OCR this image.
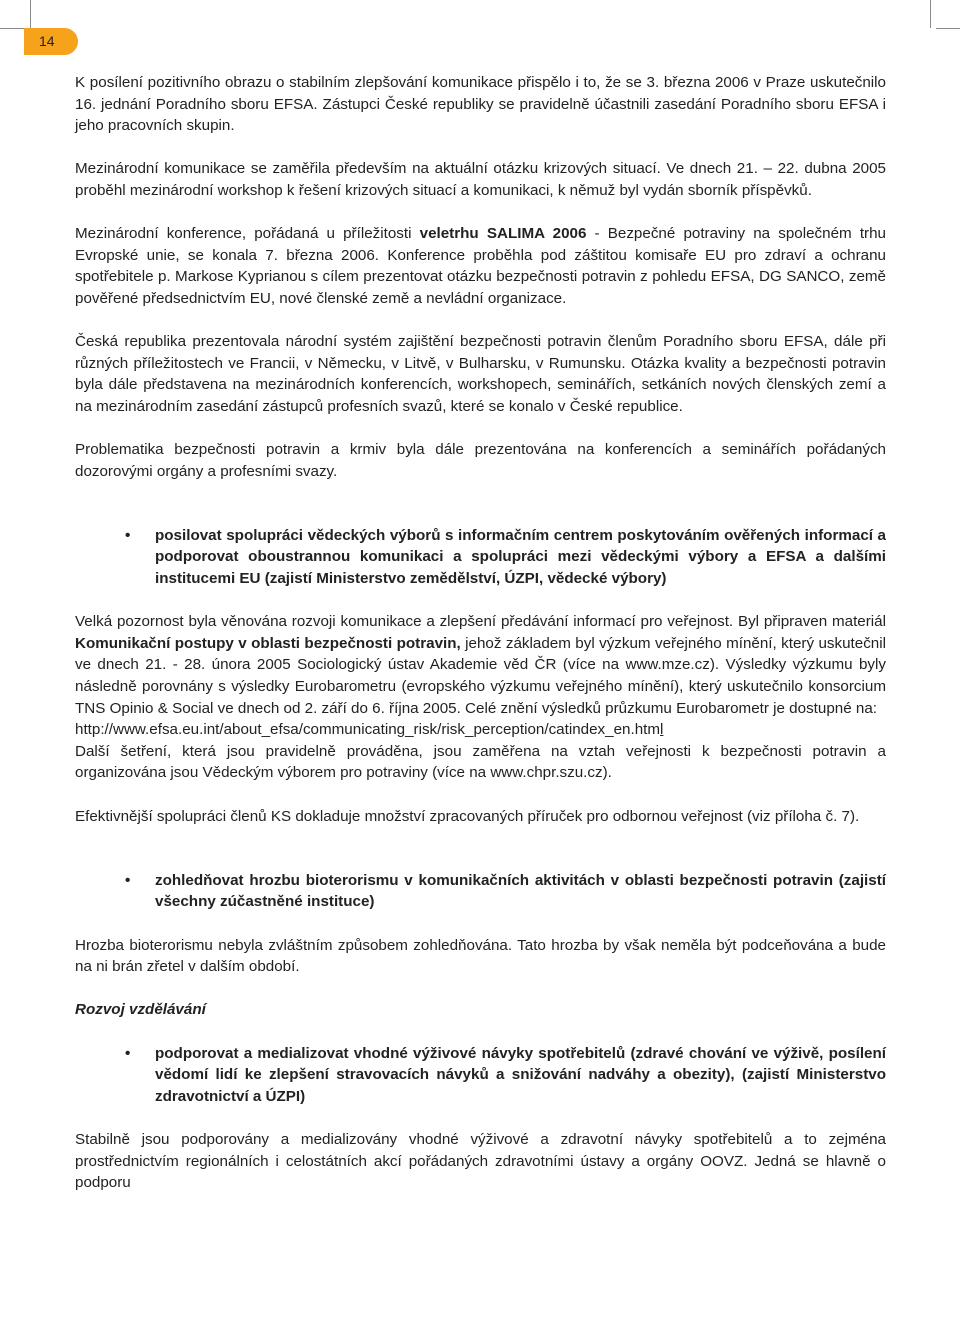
14

K posílení pozitivního obrazu o stabilním zlepšování komunikace přispělo i to, že se 3. března 2006 v Praze uskutečnilo 16. jednání Poradního sboru EFSA. Zástupci České republiky se pravidelně účastnili zasedání Poradního sboru EFSA i jeho pracovních skupin.

Mezinárodní komunikace se zaměřila především na aktuální otázku krizových situací. Ve dnech 21. – 22. dubna 2005 proběhl mezinárodní workshop k řešení krizových situací a komunikaci, k němuž byl vydán sborník příspěvků.

Mezinárodní konference, pořádaná u příležitosti veletrhu SALIMA 2006 - Bezpečné potraviny na společném trhu Evropské unie, se konala 7. března 2006. Konference proběhla pod záštitou komisaře EU pro zdraví a ochranu spotřebitele p. Markose Kyprianou s cílem prezentovat otázku bezpečnosti potravin z pohledu EFSA, DG SANCO, země pověřené předsednictvím EU, nové členské země a nevládní organizace.

Česká republika prezentovala národní systém zajištění bezpečnosti potravin členům Poradního sboru EFSA, dále při různých příležitostech ve Francii, v Německu, v Litvě, v Bulharsku, v Rumunsku. Otázka kvality a bezpečnosti potravin byla dále představena na mezinárodních konferencích, workshopech, seminářích, setkáních nových členských zemí a na mezinárodním zasedání zástupců profesních svazů, které se konalo v České republice.

Problematika bezpečnosti potravin a krmiv byla dále prezentována na konferencích a seminářích pořádaných dozorovými orgány a profesními svazy.

• posilovat spolupráci vědeckých výborů s informačním centrem poskytováním ověřených informací a podporovat oboustrannou komunikaci a spolupráci mezi vědeckými výbory a EFSA a dalšími institucemi EU (zajistí Ministerstvo zemědělství, ÚZPI, vědecké výbory)

Velká pozornost byla věnována rozvoji komunikace a zlepšení předávání informací pro veřejnost. Byl připraven materiál Komunikační postupy v oblasti bezpečnosti potravin, jehož základem byl výzkum veřejného mínění, který uskutečnil ve dnech 21. - 28. února 2005 Sociologický ústav Akademie věd ČR (více na www.mze.cz). Výsledky výzkumu byly následně porovnány s výsledky Eurobarometru (evropského výzkumu veřejného mínění), který uskutečnilo konsorcium TNS Opinio & Social ve dnech od 2. září do 6. října 2005. Celé znění výsledků průzkumu Eurobarometr je dostupné na:
http://www.efsa.eu.int/about_efsa/communicating_risk/risk_perception/catindex_en.html
Další šetření, která jsou pravidelně prováděna, jsou zaměřena na vztah veřejnosti k bezpečnosti potravin a organizována jsou Vědeckým výborem pro potraviny (více na www.chpr.szu.cz).

Efektivnější spolupráci členů KS dokladuje množství zpracovaných příruček pro odbornou veřejnost (viz příloha č. 7).

• zohledňovat hrozbu bioterorismu v komunikačních aktivitách v oblasti bezpečnosti potravin (zajistí všechny zúčastněné instituce)

Hrozba bioterorismu nebyla zvláštním způsobem zohledňována. Tato hrozba by však neměla být podceňována a bude na ni brán zřetel v dalším období.

Rozvoj vzdělávání
• podporovat a medializovat vhodné výživové návyky spotřebitelů (zdravé chování ve výživě, posílení vědomí lidí ke zlepšení stravovacích návyků a snižování nadváhy a obezity), (zajistí Ministerstvo zdravotnictví a ÚZPI)

Stabilně jsou podporovány a medializovány vhodné výživové a zdravotní návyky spotřebitelů a to zejména prostřednictvím regionálních i celostátních akcí pořádaných zdravotními ústavy a orgány OOVZ. Jedná se hlavně o podporu
